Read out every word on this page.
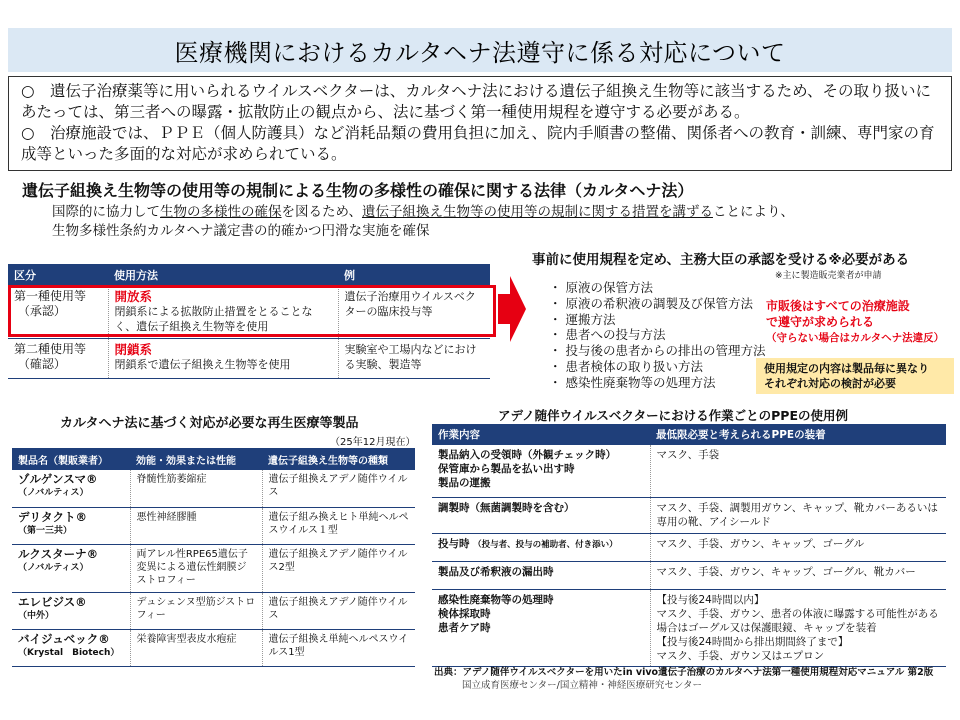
医療機関におけるカルタヘナ法遵守に係る対応について

○　遺伝子治療薬等に用いられるウイルスベクターは、カルタヘナ法における遺伝子組換え生物等に該当するため、その取り扱いにあたっては、第三者への曝露・拡散防止の観点から、法に基づく第一種使用規程を遵守する必要がある。

○　治療施設では、ＰＰＥ（個人防護具）など消耗品類の費用負担に加え、院内手順書の整備、関係者への教育・訓練、専門家の育成等といった多面的な対応が求められている。

遺伝子組換え生物等の使用等の規制による生物の多様性の確保に関する法律（カルタヘナ法）
国際的に協力して生物の多様性の確保を図るため、遺伝子組換え生物等の使用等の規制に関する措置を講ずることにより、
生物多様性条約カルタヘナ議定書の的確かつ円滑な実施を確保
区分	使用方法	例
第一種使用等
（承認）	開放系
閉鎖系による拡散防止措置をとることなく、遺伝子組換え生物等を使用	遺伝子治療用ウイルスベクターの臨床投与等
第二種使用等
（確認）	閉鎖系
閉鎖系で遺伝子組換え生物等を使用	実験室や工場内などにおける実験、製造等
事前に使用規程を定め、主務大臣の承認を受ける※必要がある
※主に製造販売業者が申請
・ 原液の保管方法
・ 原液の希釈液の調製及び保管方法
・ 運搬方法
・ 患者への投与方法
・ 投与後の患者からの排出の管理方法
・ 患者検体の取り扱い方法
・ 感染性廃棄物等の処理方法
市販後はすべての治療施設
で遵守が求められる
（守らない場合はカルタヘナ法違反）
使用規定の内容は製品毎に異なり
それぞれ対応の検討が必要
カルタヘナ法に基づく対応が必要な再生医療等製品
（25年12月現在）
製品名（製販業者）	効能・効果または性能	遺伝子組換え生物等の種類
ゾルゲンスマ®
（ノバルティス）	脊髄性筋萎縮症	遺伝子組換えアデノ随伴ウイルス
デリタクト®
（第一三共）	悪性神経膠腫	遺伝子組み換えヒト単純ヘルペスウイルス１型
ルクスターナ®
（ノバルティス）	両アレル性RPE65遺伝子変異による遺伝性網膜ジストロフィー	遺伝子組換えアデノ随伴ウイルス2型
エレビジス®
（中外）	デュシェンヌ型筋ジストロフィー	遺伝子組換えアデノ随伴ウイルス
バイジュベック®
（Krystal　Biotech）	栄養障害型表皮水疱症	遺伝子組換え単純ヘルペスウイルス1型
アデノ随伴ウイルスベクターにおける作業ごとのPPEの使用例
作業内容	最低限必要と考えられるPPEの装着
製品納入の受領時（外観チェック時）
保管庫から製品を払い出す時
製品の運搬	マスク、手袋
調製時（無菌調製時を含む）	マスク、手袋、調製用ガウン、キャップ、靴カバーあるいは専用の靴、アイシールド
投与時 （投与者、投与の補助者、付き添い）	マスク、手袋、ガウン、キャップ、ゴーグル
製品及び希釈液の漏出時	マスク、手袋、ガウン、キャップ、ゴーグル、靴カバー
感染性廃棄物等の処理時
検体採取時
患者ケア時	【投与後24時間以内】
マスク、手袋、ガウン、患者の体液に曝露する可能性がある場合はゴーグル又は保護眼鏡、キャップを装着
【投与後24時間から排出期間終了まで】
マスク、手袋、ガウン又はエプロン
出典：アデノ随伴ウイルスベクターを用いたin vivo遺伝子治療のカルタヘナ法第一種使用規程対応マニュアル 第2版
国立成育医療センター/国立精神・神経医療研究センター
